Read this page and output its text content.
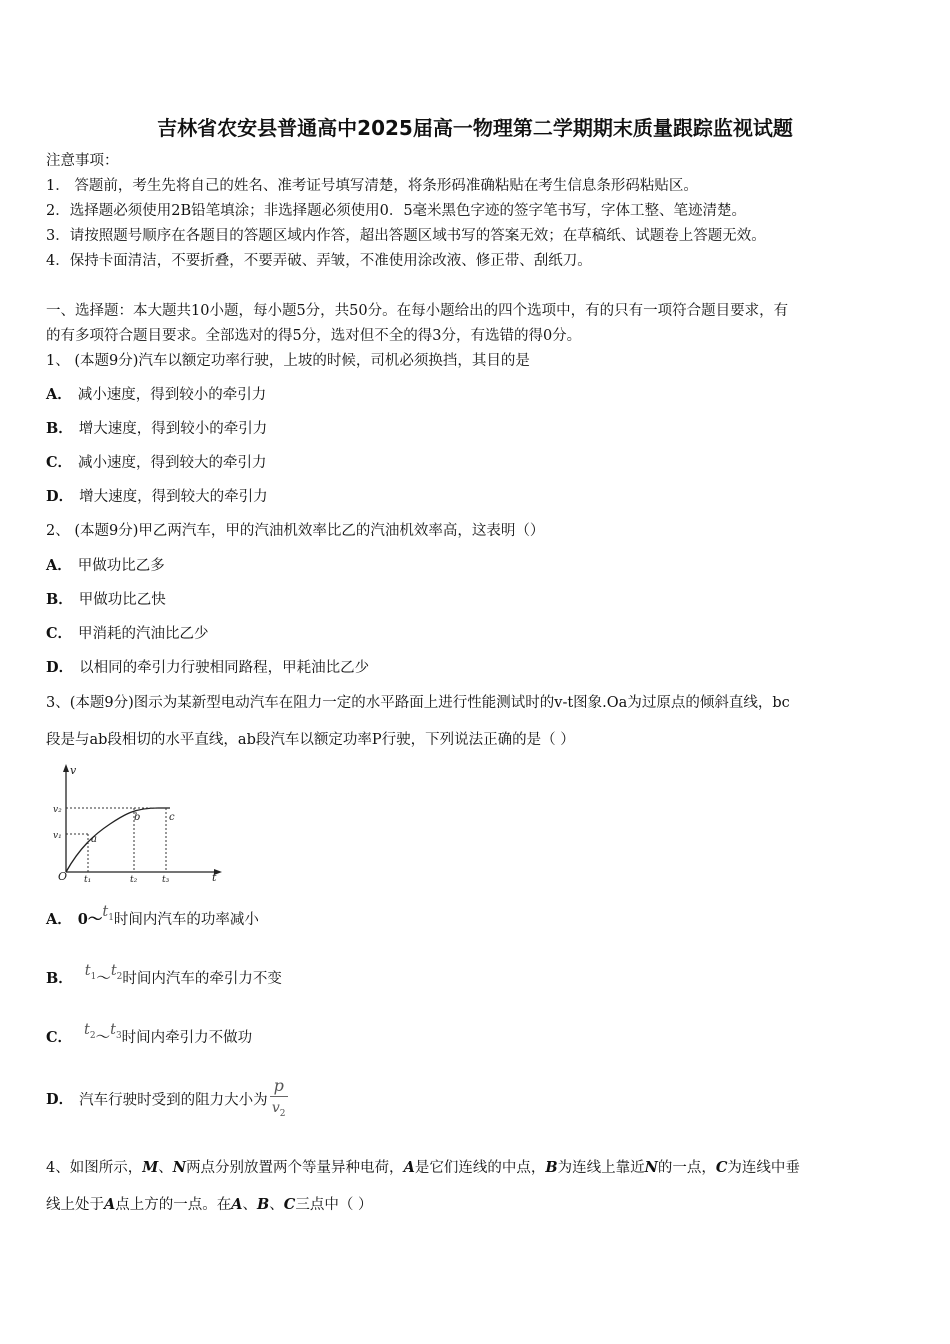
吉林省农安县普通高中2025届高一物理第二学期期末质量跟踪监视试题
注意事项：
1． 答题前，考生先将自己的姓名、准考证号填写清楚，将条形码准确粘贴在考生信息条形码粘贴区。
2．选择题必须使用2B铅笔填涂；非选择题必须使用0．5毫米黑色字迹的签字笔书写，字体工整、笔迹清楚。
3．请按照题号顺序在各题目的答题区域内作答，超出答题区域书写的答案无效；在草稿纸、试题卷上答题无效。
4．保持卡面清洁，不要折叠，不要弄破、弄皱，不准使用涂改液、修正带、刮纸刀。
一、选择题：本大题共10小题，每小题5分，共50分。在每小题给出的四个选项中，有的只有一项符合题目要求，有
的有多项符合题目要求。全部选对的得5分，选对但不全的得3分，有选错的得0分。
1、 (本题9分)汽车以额定功率行驶，上坡的时候，司机必须换挡，其目的是
A． 减小速度，得到较小的牵引力
B． 增大速度，得到较小的牵引力
C． 减小速度，得到较大的牵引力
D． 增大速度，得到较大的牵引力
2、 (本题9分)甲乙两汽车，甲的汽油机效率比乙的汽油机效率高，这表明（）
A． 甲做功比乙多
B． 甲做功比乙快
C． 甲消耗的汽油比乙少
D． 以相同的牵引力行驶相同路程，甲耗油比乙少
3、(本题9分)图示为某新型电动汽车在阻力一定的水平路面上进行性能测试时的v-t图象.Oa为过原点的倾斜直线，bc
段是与ab段相切的水平直线，ab段汽车以额定功率P行驶，下列说法正确的是（ ）
v
v₂
v₁
O	t
t₁	t₂	t₃
a
b	c
A． $0\sim t_1$时间内汽车的功率减小
B． $t_1\sim t_2$时间内汽车的牵引力不变
C． $t_2\sim t_3$时间内牵引力不做功
D． 汽车行驶时受到的阻力大小为 $\frac{p}{v_2}$
4、如图所示，M、N两点分别放置两个等量异种电荷，A是它们连线的中点，B为连线上靠近N的一点，C为连线中垂
线上处于A点上方的一点。在A、B、C三点中（ ）
